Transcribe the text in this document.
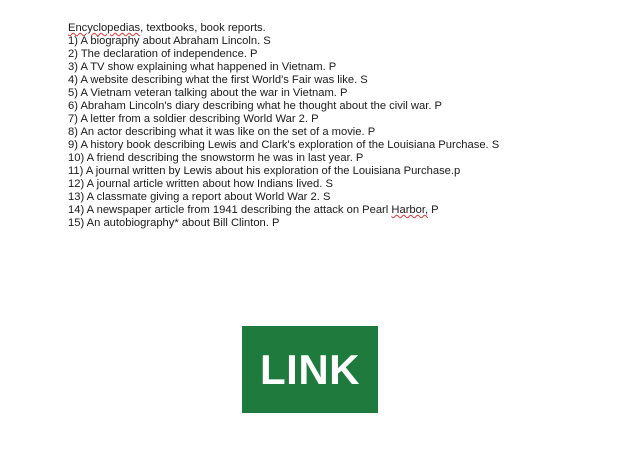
Encyclopedias, textbooks, book reports.
1) A biography about Abraham Lincoln. S
2) The declaration of independence. P
3) A TV show explaining what happened in Vietnam. P
4) A website describing what the first World's Fair was like. S
5) A Vietnam veteran talking about the war in Vietnam. P
6) Abraham Lincoln's diary describing what he thought about the civil war. P
7) A letter from a soldier describing World War 2. P
8) An actor describing what it was like on the set of a movie. P
9) A history book describing Lewis and Clark's exploration of the Louisiana Purchase. S
10) A friend describing the snowstorm he was in last year. P
11) A journal written by Lewis about his exploration of the Louisiana Purchase.p
12) A journal article written about how Indians lived. S
13) A classmate giving a report about World War 2. S
14) A newspaper article from 1941 describing the attack on Pearl Harbor, P
15) An autobiography* about Bill Clinton. P
LINK
